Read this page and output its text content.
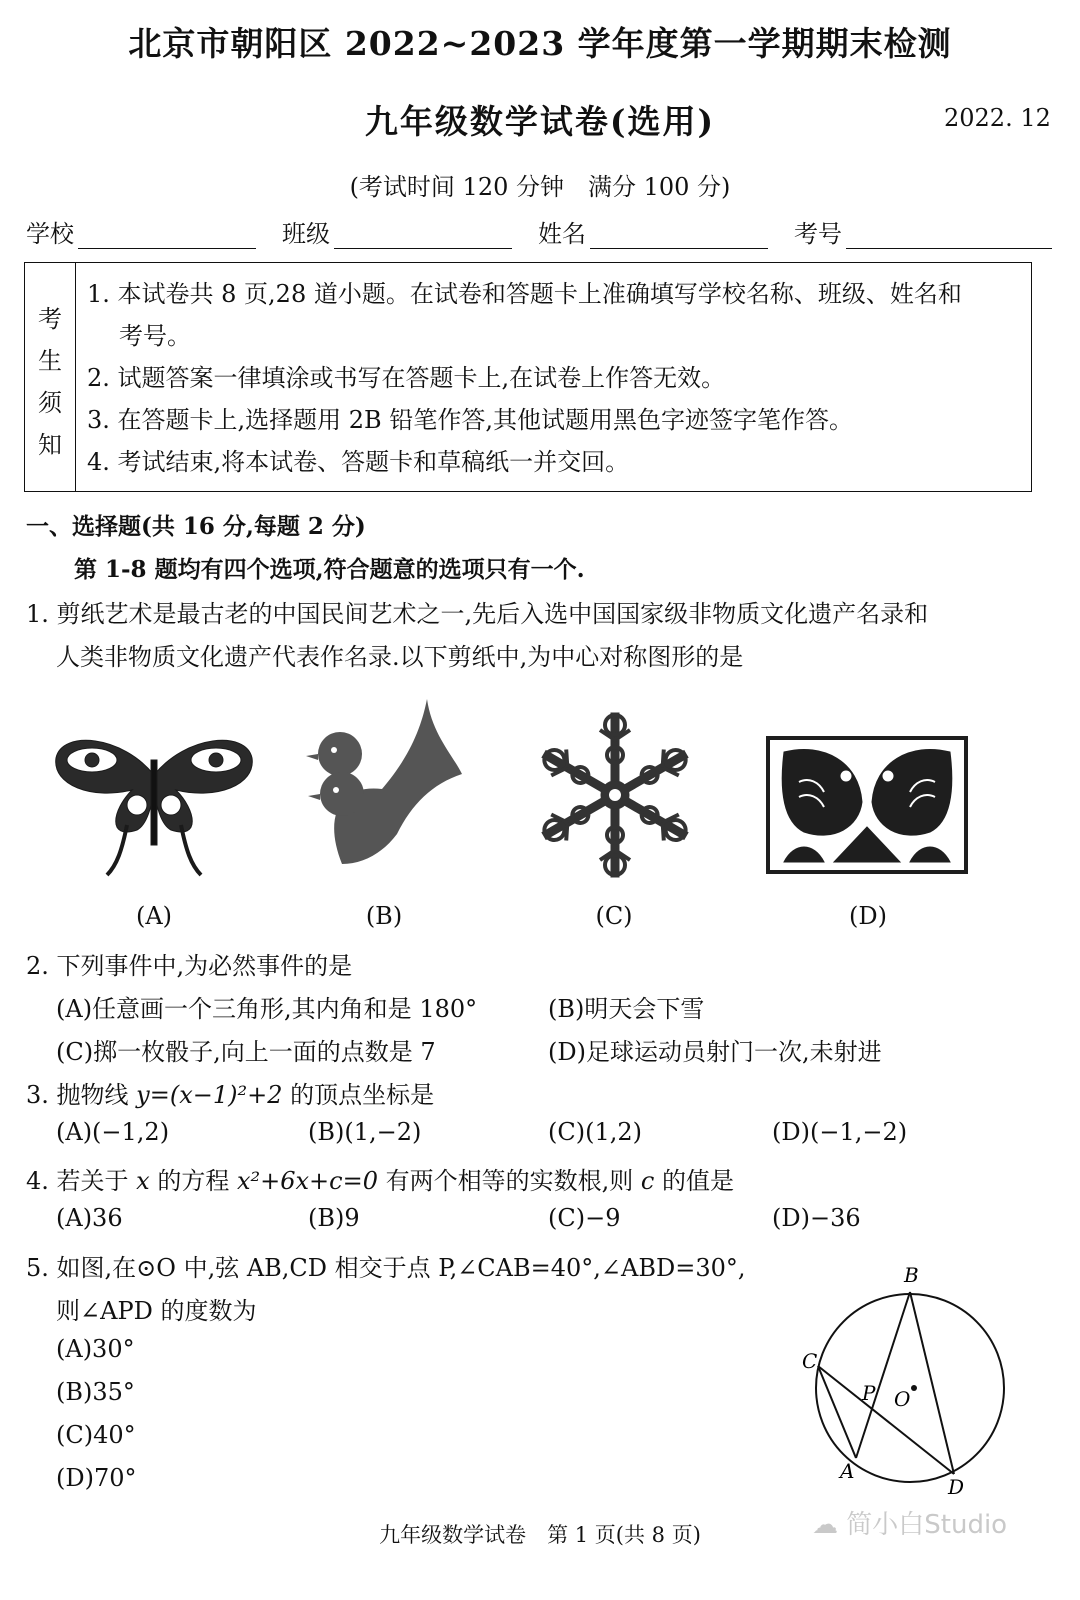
北京市朝阳区 2022~2023 学年度第一学期期末检测
九年级数学试卷(选用)	2022. 12
(考试时间 120 分钟　满分 100 分)
学校	班级	姓名	考号
考
生
须
知
1. 本试卷共 8 页,28 道小题。在试卷和答题卡上准确填写学校名称、班级、姓名和
考号。
2. 试题答案一律填涂或书写在答题卡上,在试卷上作答无效。
3. 在答题卡上,选择题用 2B 铅笔作答,其他试题用黑色字迹签字笔作答。
4. 考试结束,将本试卷、答题卡和草稿纸一并交回。
一、选择题(共 16 分,每题 2 分)
第 1-8 题均有四个选项,符合题意的选项只有一个.
1. 剪纸艺术是最古老的中国民间艺术之一,先后入选中国国家级非物质文化遗产名录和
人类非物质文化遗产代表作名录.以下剪纸中,为中心对称图形的是
(A)	(B)	(C)	(D)
2. 下列事件中,为必然事件的是
(A)任意画一个三角形,其内角和是 180°	(B)明天会下雪
(C)掷一枚骰子,向上一面的点数是 7	(D)足球运动员射门一次,未射进
3. 抛物线 y=(x−1)²+2 的顶点坐标是
(A)(−1,2)	(B)(1,−2)	(C)(1,2)	(D)(−1,−2)
4. 若关于 x 的方程 x²+6x+c=0 有两个相等的实数根,则 c 的值是
(A)36	(B)9	(C)−9	(D)−36
5. 如图,在⊙O 中,弦 AB,CD 相交于点 P,∠CAB=40°,∠ABD=30°,
则∠APD 的度数为
(A)30°
(B)35°
(C)40°
(D)70°
B
C
P O
A
D
九年级数学试卷　第 1 页(共 8 页)	☁ 简小白Studio
